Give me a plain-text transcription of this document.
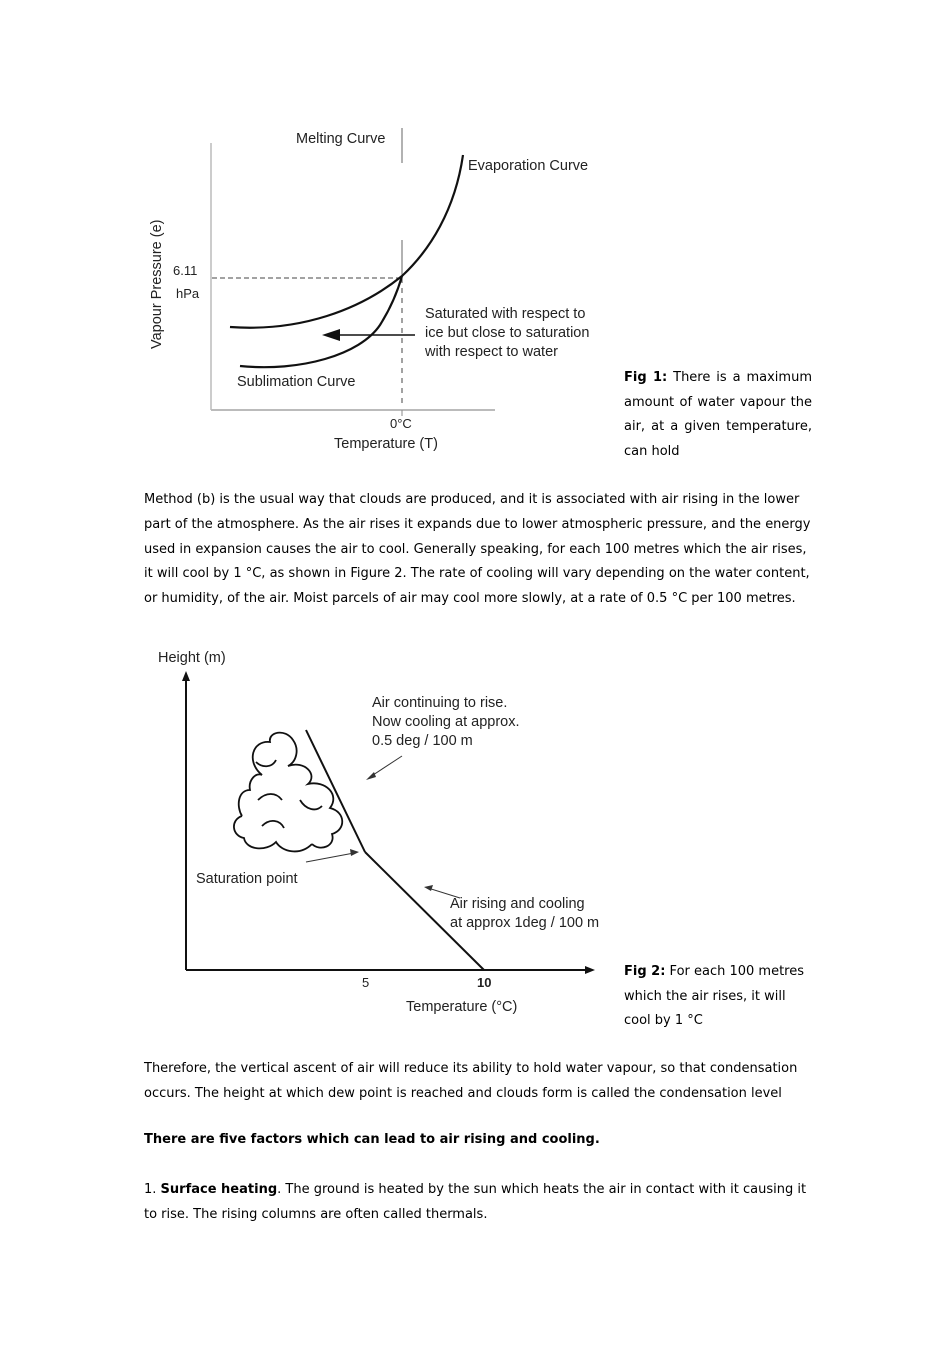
Melting Curve
Evaporation Curve
Vapour Pressure (e) 6.11
hPa
Saturated with respect to
ice but close to saturation
with respect to water
Sublimation Curve
0°C
Temperature (T)
Fig 1: There is a maximum amount of water vapour the air, at a given temperature, can hold
Method (b) is the usual way that clouds are produced, and it is associated with air rising in the lower part of the atmosphere. As the air rises it expands due to lower atmospheric pressure, and the energy used in expansion causes the air to cool. Generally speaking, for each 100 metres which the air rises, it will cool by 1 °C, as shown in Figure 2. The rate of cooling will vary depending on the water content, or humidity, of the air. Moist parcels of air may cool more slowly, at a rate of 0.5 °C per 100 metres.
Height (m)
Air continuing to rise.
Now cooling at approx.
0.5 deg / 100 m
Saturation point
Air rising and cooling
at approx 1deg / 100 m
5	10
Temperature (°C)
Fig 2: For each 100 metres which the air rises, it will cool by 1 °C
Therefore, the vertical ascent of air will reduce its ability to hold water vapour, so that condensation occurs. The height at which dew point is reached and clouds form is called the condensation level
There are five factors which can lead to air rising and cooling.
1. Surface heating. The ground is heated by the sun which heats the air in contact with it causing it to rise. The rising columns are often called thermals.
